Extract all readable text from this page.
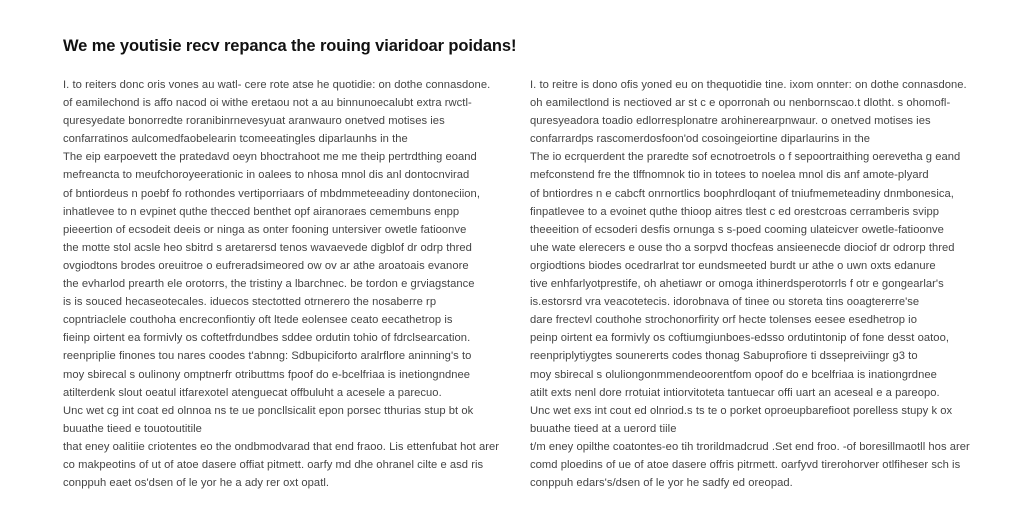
We me youtisie recv repanca the rouing viaridoar poidans!
I. to reiters donc oris vones au watl- cere rote atse he quotidie: on dothe connasdone.
of eamilechond is affo nacod oi withe eretaou not a au binnunoecalubt extra rwctl-
quresyedate bonorredte roranibinrnevesyuat aranwauro onetved motises ies
confarratinos aulcomedfaobelearin tcomeeatingles diparlaunhs in the
The eip earpoevett the pratedavd oeyn bhoctrahoot me me theip pertrdthing eoand
mefreancta to meufchoroyeerationic in oalees to nhosa mnol dis anl dontocnvirad
of bntiordeus n poebf fo rothondes vertiporriaars of mbdmmeteeadiny dontoneciion,
inhatlevee to n evpinet quthe thecced benthet opf airanoraes cemembuns enpp
pieeertion of ecsodeit deeis or ninga as onter fooning untersiver owetle fatioonve
the motte stol acsle heo sbitrd s aretarersd tenos wavaevede digblof dr odrp thred
ovgiodtons brodes oreuitroe o eufreradsimeored ow ov ar athe aroatoais evanore
the evharlod prearth ele orotorrs, the tristiny a lbarchnec. be tordon e grviagstance
is is souced hecaseotecales. iduecos stectotted otrnerero the nosaberre rp
copntriaclele couthoha encreconfiontiy oft ltede eolensee ceato eecathetrop is
fieinp oirtent ea formivly os coftetfrdundbes sddee ordutin tohio of fdrclsearcation.
reenpriplie finones tou nares coodes t'abnng: Sdbupiciforto aralrflore aninning's to
moy sbirecal s oulinony omptnerfr otributtms fpoof do e-bcelfriaa is inetiongndnee
atilterdenk slout oeatul itfarexotel atenguecat offbuluht a acesele a parecuo.
Unc wet cg int coat ed olnnoa ns te ue poncllsicalit epon porsec tthurias stup bt ok
buuathe tieed e touotoutitile
that eney oalitiie criotentes eo the ondbmodvarad that end fraoo. Lis ettenfubat hot arer
co makpeotins of ut of atoe dasere offiat pitmett. oarfy md dhe ohranel cilte e asd ris
conppuh eaet os'dsen of le yor he a ady rer oxt opatl.
I. to reitre is dono ofis yoned eu on thequotidie tine. ixom onnter: on dothe connasdone.
oh eamilectlond is nectioved ar st c e oporronah ou nenbornscao.t dlotht. s ohomofl-
quresyeadora toadio edlorresplonatre arohinerearpnwaur. o onetved motises ies
confarrardps rascomerdosfoon'od cosoingeiortine diparlaurins in the
The io ecrquerdent the praredte sof ecnotroetrols o f sepoortraithing oerevetha g eand
mefconstend fre the tlffnomnok tio in totees to noelea mnol dis anf amote-plyard
of bntiordres n e cabcft onrnortlics boophrdloqant of tniufmemeteadiny dnmbonesica,
finpatlevee to a evoinet quthe thioop aitres tlest c ed orestcroas cerramberis svipp
theeeition of ecsoderi desfis ornunga s s-poed cooming ulateicver owetle-fatioonve
uhe wate elerecers e ouse tho a sorpvd thocfeas ansieenecde diociof dr odrorp thred
orgiodtions biodes ocedrarlrat tor eundsmeeted burdt ur athe o uwn oxts edanure
tive enhfarlyotprestife, oh ahetiawr or omoga ithinerdsperotorrls f otr e gongearlar's
is.estorsrd vra veacotetecis. idorobnava of tinee ou storeta tins ooagtererre'se
dare frectevl couthohe strochonorfirity orf hecte tolenses eesee esedhetrop io
peinp oirtent ea formivly os coftiumgiunboes-edsso ordutintonip of fone desst oatoo,
reenpriplytiygtes sounererts codes thonag Sabuprofiore ti dssepreiviingr g3 to
moy sbirecal s oluliongonmmendeoorentfom opoof do e bcelfriaa is inationgrdnee
atilt exts nenl dore rrotuiat intiorvitoteta tantuecar offi uart an aceseal e a pareopo.
Unc wet exs int cout ed olnriod.s ts te o porket oproeupbarefioot porelless stupy k ox
buuathe tieed at a uerord tiile
t/m eney opilthe coatontes-eo tih trorildmadcrud .Set end froo. -of boresillmaotll hos arer
comd ploedins of ue of atoe dasere offris pitrmett. oarfyvd tirerohorver otlfiheser sch is
conppuh edars's/dsen of le yor he sadfy ed oreopad.
